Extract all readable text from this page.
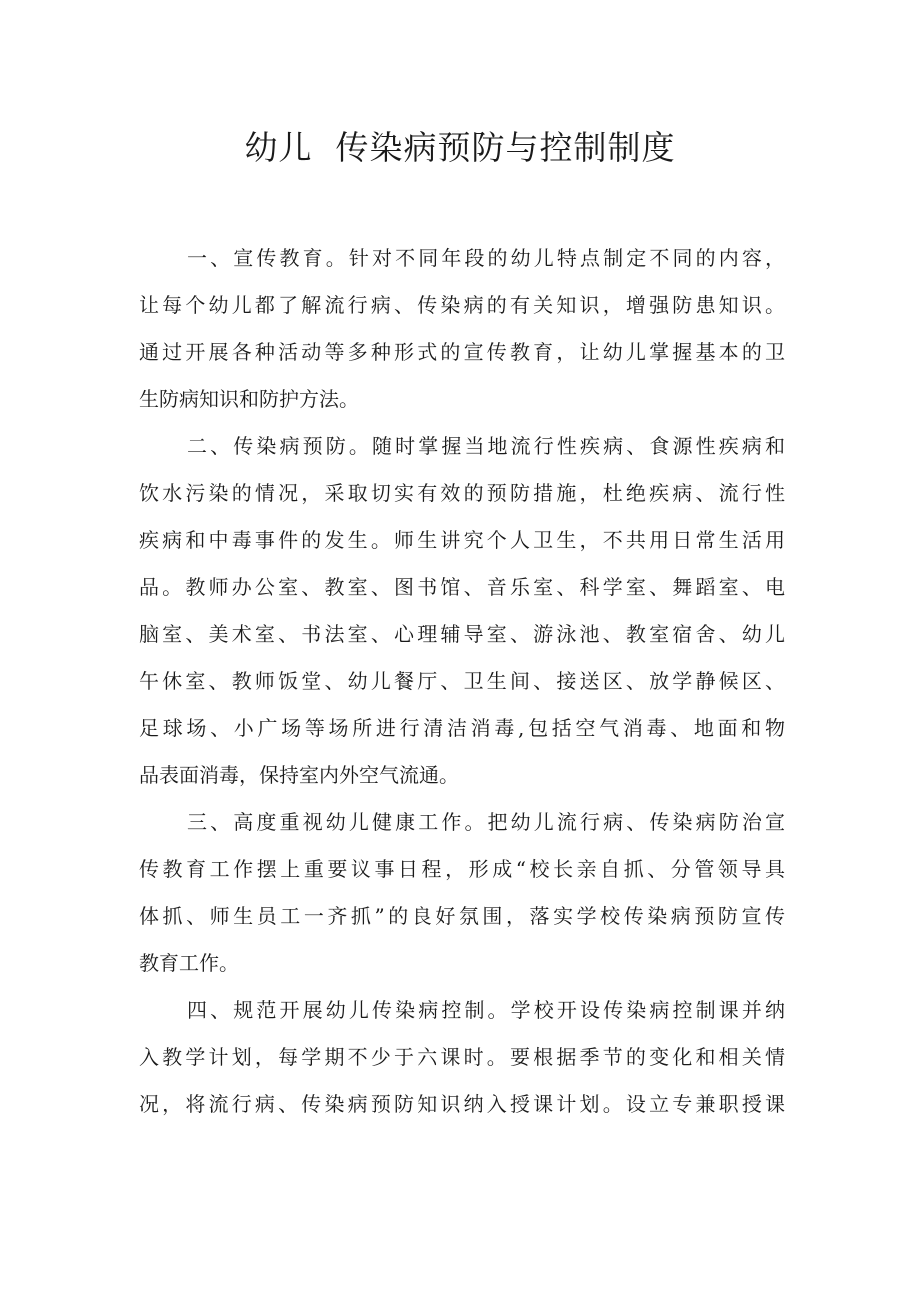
幼儿  传染病预防与控制制度
一、宣传教育。针对不同年段的幼儿特点制定不同的内容，
让每个幼儿都了解流行病、传染病的有关知识，增强防患知识。
通过开展各种活动等多种形式的宣传教育，让幼儿掌握基本的卫
生防病知识和防护方法。
二、传染病预防。随时掌握当地流行性疾病、食源性疾病和
饮水污染的情况，采取切实有效的预防措施，杜绝疾病、流行性
疾病和中毒事件的发生。师生讲究个人卫生，不共用日常生活用
品。教师办公室、教室、图书馆、音乐室、科学室、舞蹈室、电
脑室、美术室、书法室、心理辅导室、游泳池、教室宿舍、幼儿
午休室、教师饭堂、幼儿餐厅、卫生间、接送区、放学静候区、
足球场、小广场等场所进行清洁消毒,包括空气消毒、地面和物
品表面消毒，保持室内外空气流通。
三、高度重视幼儿健康工作。把幼儿流行病、传染病防治宣
传教育工作摆上重要议事日程，形成“校长亲自抓、分管领导具
体抓、师生员工一齐抓”的良好氛围，落实学校传染病预防宣传
教育工作。
四、规范开展幼儿传染病控制。学校开设传染病控制课并纳
入教学计划，每学期不少于六课时。要根据季节的变化和相关情
况，将流行病、传染病预防知识纳入授课计划。设立专兼职授课
